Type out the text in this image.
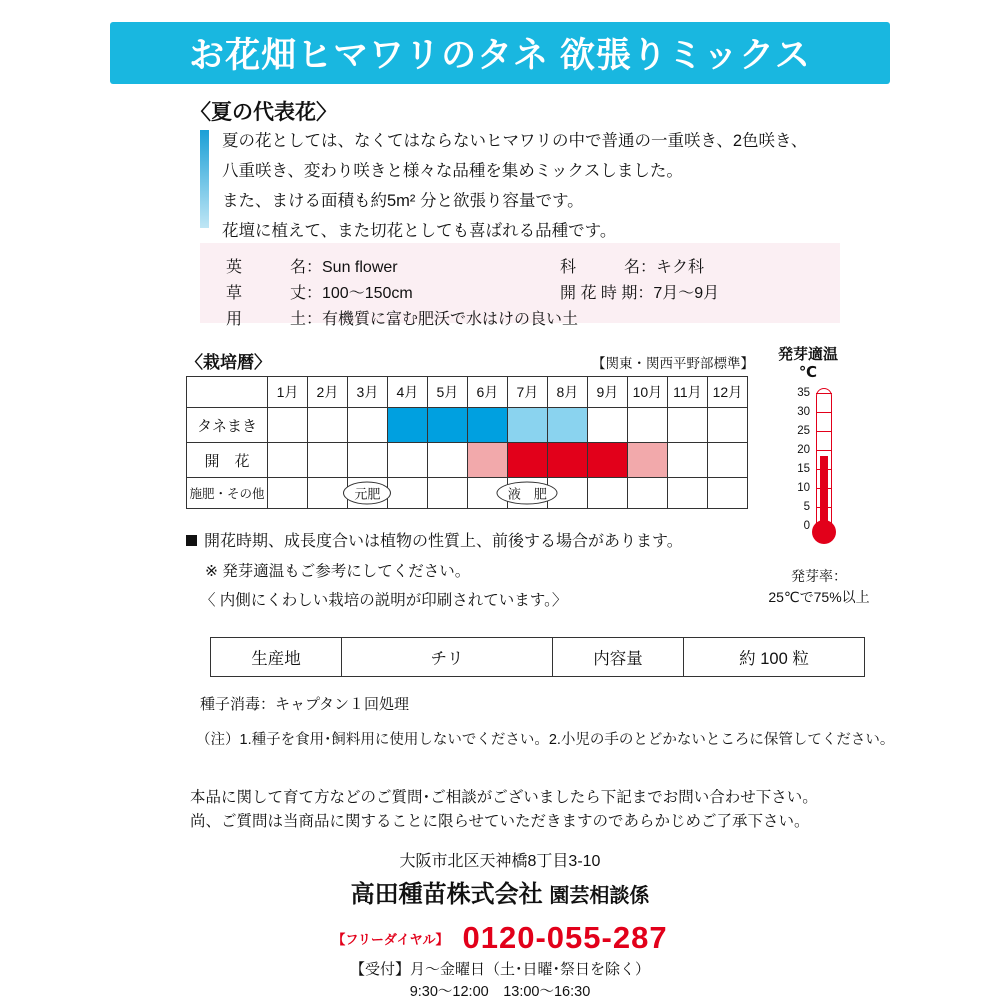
お花畑ヒマワリのタネ 欲張りミックス
〈夏の代表花〉

夏の花としては、なくてはならないヒマワリの中で普通の一重咲き、2色咲き、

八重咲き、変わり咲きと様々な品種を集めミックスしました。

また、まける面積も約5m² 分と欲張り容量です。

花壇に植えて、また切花としても喜ばれる品種です。

英　　　名：Sun flower	科　　　名：キク科
草　　　丈：100〜150cm	開 花 時 期：7月〜9月
用　　　土：有機質に富む肥沃で水はけの良い土
〈栽培暦〉	【関東・関西平野部標準】
	1月	2月	3月	4月	5月	6月	7月	8月	9月	10月	11月	12月
タネまき												
開　花												
施肥・その他			元肥				液　肥					

発芽適温
℃
35
30
25
20
15
10
5
0
発芽率：
25℃で75%以上
開花時期、成長度合いは植物の性質上、前後する場合があります。
※ 発芽適温もご参考にしてください。
〈 内側にくわしい栽培の説明が印刷されています。〉
生産地	チリ	内容量	約 100 粒
種子消毒：キャプタン１回処理
（注）1.種子を食用･飼料用に使用しないでください。2.小児の手のとどかないところに保管してください。
本品に関して育て方などのご質問･ご相談がございましたら下記までお問い合わせ下さい。
尚、ご質問は当商品に関することに限らせていただきますのであらかじめご了承下さい。
大阪市北区天神橋8丁目3-10
高田種苗株式会社 園芸相談係
【フリーダイヤル】 0120-055-287
【受付】月〜金曜日（土･日曜･祭日を除く）
9:30〜12:00　13:00〜16:30
